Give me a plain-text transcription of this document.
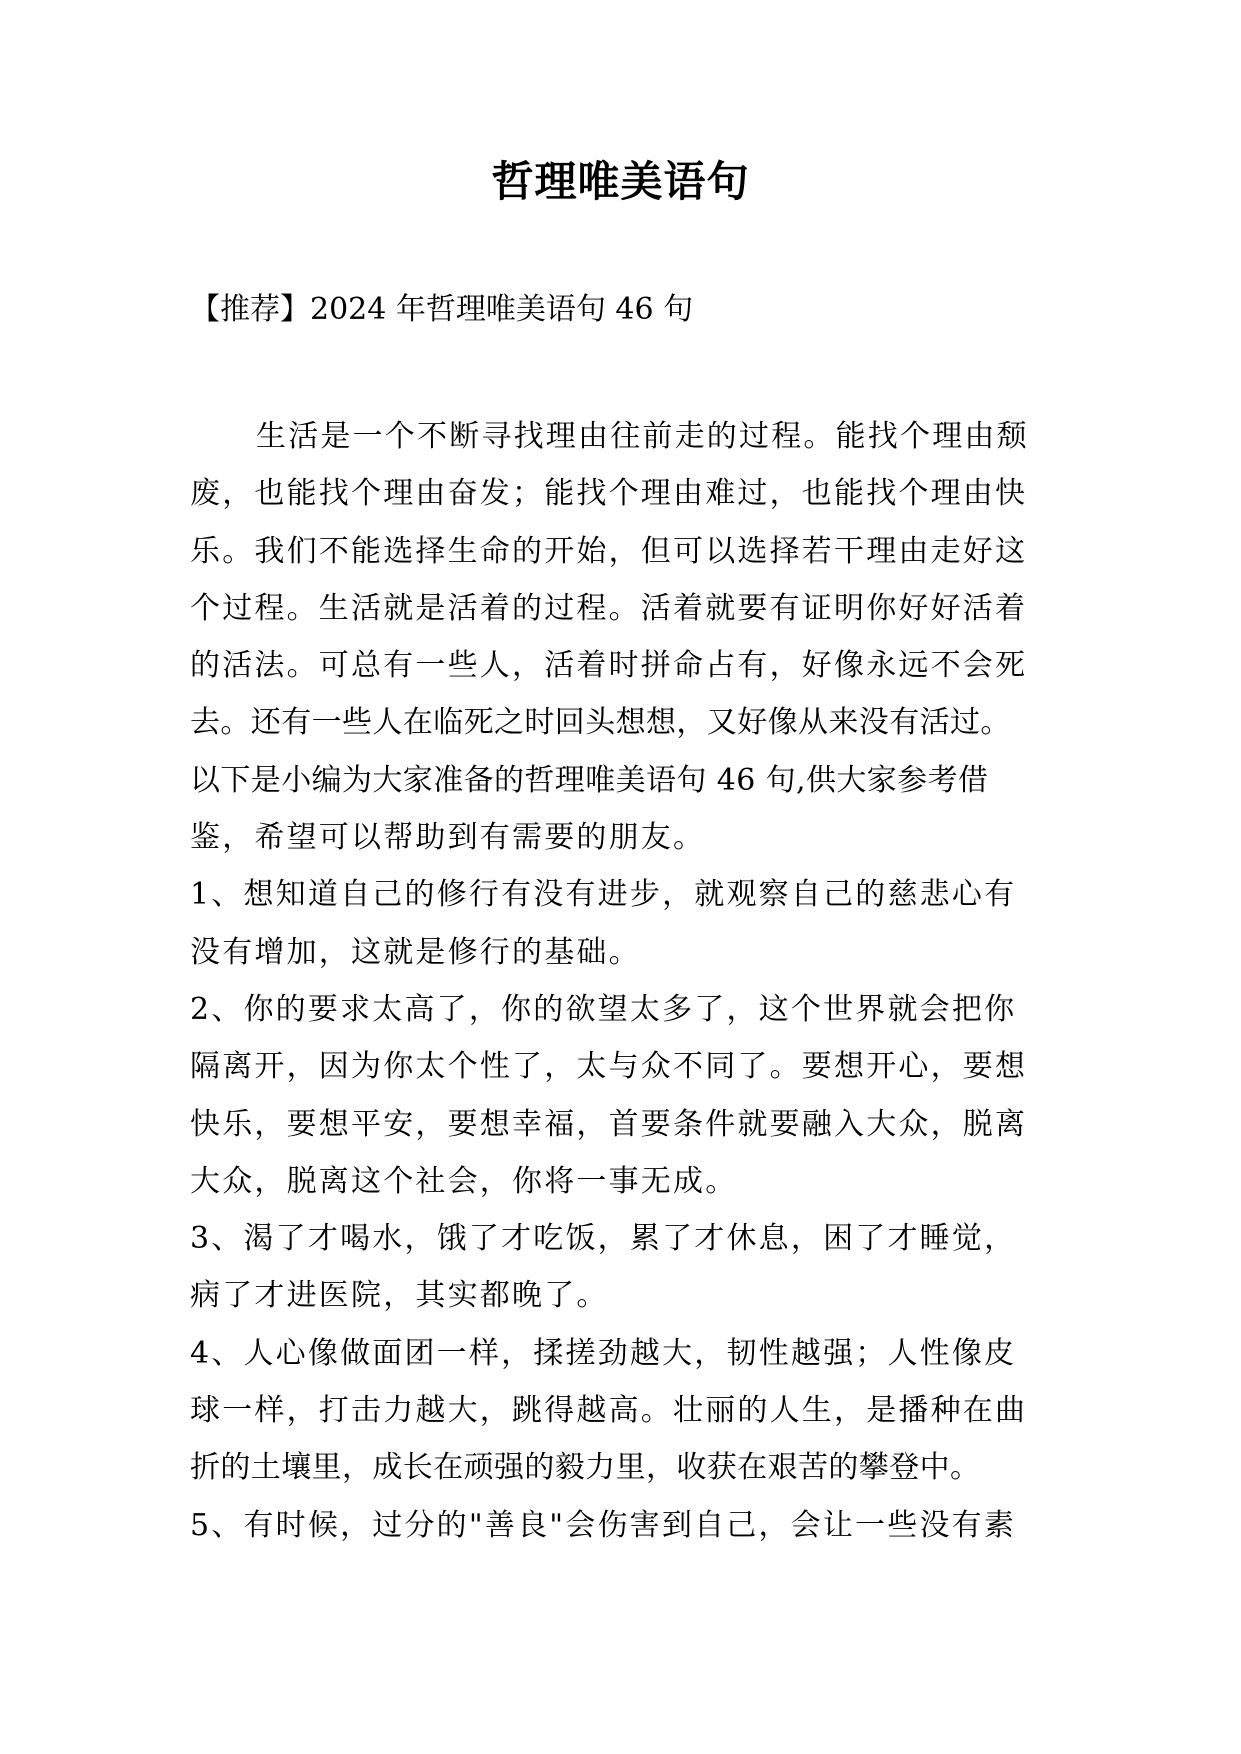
哲理唯美语句
【推荐】2024 年哲理唯美语句 46 句
生活是一个不断寻找理由往前走的过程。能找个理由颓
废，也能找个理由奋发；能找个理由难过，也能找个理由快
乐。我们不能选择生命的开始，但可以选择若干理由走好这
个过程。生活就是活着的过程。活着就要有证明你好好活着
的活法。可总有一些人，活着时拼命占有，好像永远不会死
去。还有一些人在临死之时回头想想，又好像从来没有活过。
以下是小编为大家准备的哲理唯美语句 46 句,供大家参考借
鉴，希望可以帮助到有需要的朋友。
1、想知道自己的修行有没有进步，就观察自己的慈悲心有
没有增加，这就是修行的基础。
2、你的要求太高了，你的欲望太多了，这个世界就会把你
隔离开，因为你太个性了，太与众不同了。要想开心，要想
快乐，要想平安，要想幸福，首要条件就要融入大众，脱离
大众，脱离这个社会，你将一事无成。
3、渴了才喝水，饿了才吃饭，累了才休息，困了才睡觉，
病了才进医院，其实都晚了。
4、人心像做面团一样，揉搓劲越大，韧性越强；人性像皮
球一样，打击力越大，跳得越高。壮丽的人生，是播种在曲
折的土壤里，成长在顽强的毅力里，收获在艰苦的攀登中。
5、有时候，过分的"善良"会伤害到自己，会让一些没有素
